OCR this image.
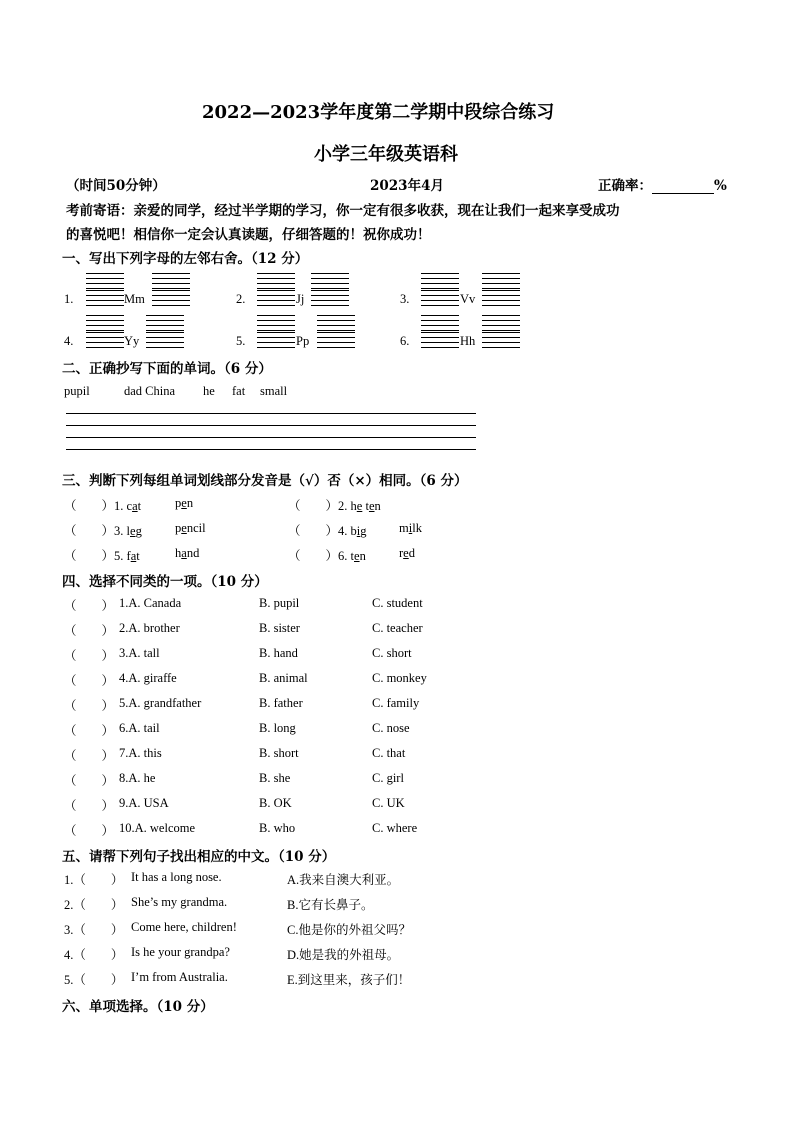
2022—2023学年度第二学期中段综合练习
小学三年级英语科
（时间50分钟）	2023年4月	正确率：	%
考前寄语：亲爱的同学，经过半学期的学习，你一定有很多收获，现在让我们一起来享受成功
的喜悦吧！相信你一定会认真读题，仔细答题的！祝你成功！
一、写出下列字母的左邻右舍。（12 分）
1.	Mm	2.	Jj	3.	Vv
4.	Yy	5.	Pp	6.	Hh
二、正确抄写下面的单词。（6 分）
pupil	dad China he fat small
三、判断下列每组单词划线部分发音是（√）否（×）相同。（6 分）
（　　）1. cat	pen	（　　）2. he ten
（　　）3. leg	pencil	（　　）4. big	milk
（　　）5. fat	hand	（　　）6. ten	red
四、选择不同类的一项。（10 分）
（　　） 1.A. Canada	B. pupil	C. student
（　　） 2.A. brother	B. sister	C. teacher
（　　） 3.A. tall	B. hand	C. short
（　　） 4.A. giraffe	B. animal	C. monkey
（　　） 5.A. grandfather	B. father	C. family
（　　） 6.A. tail	B. long	C. nose
（　　） 7.A. this	B. short	C. that
（　　） 8.A. he	B. she	C. girl
（　　） 9.A. USA	B. OK	C. UK
（　　） 10.A. welcome	B. who	C. where
五、请帮下列句子找出相应的中文。（10 分）
1.（　　） It has a long nose.	A.我来自澳大利亚。
2.（　　） She’s my grandma.	B.它有长鼻子。
3.（　　） Come here, children!	C.他是你的外祖父吗？
4.（　　） Is he your grandpa?	D.她是我的外祖母。
5.（　　） I’m from Australia.	E.到这里来，孩子们！
六、单项选择。（10 分）
